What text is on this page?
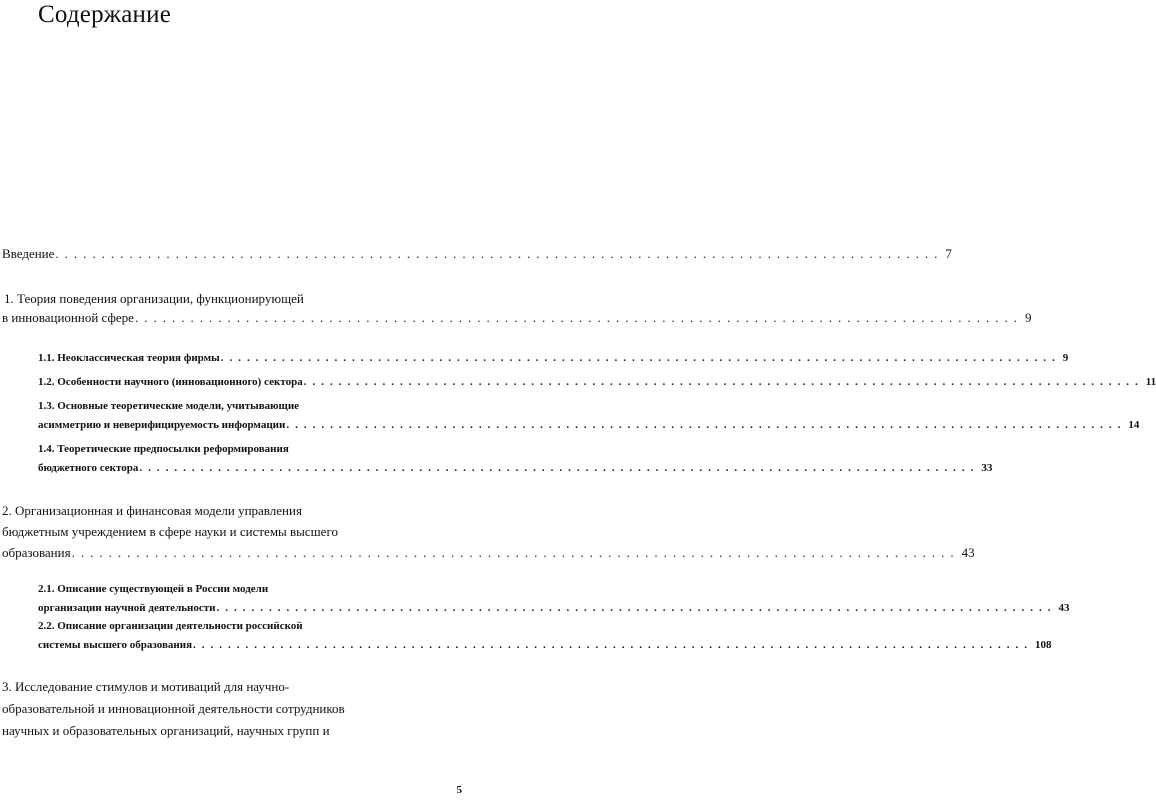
Содержание
Введение ................................................................................................ 7
1. Теория поведения организации, функционирующей
в инновационной сфере ................................................................................................ 9
1.1. Неоклассическая теория фирмы ................................................................................................ 9
1.2. Особенности научного (инновационного) сектора ................................................................................................ 11
1.3. Основные теоретические модели, учитывающие
асимметрию и неверифицируемость информации ................................................................................................ 14
1.4. Теоретические предпосылки реформирования
бюджетного сектора ................................................................................................ 33
2. Организационная и финансовая модели управления
бюджетным учреждением в сфере науки и системы высшего
образования ................................................................................................ 43
2.1. Описание существующей в России модели
организации научной деятельности ................................................................................................ 43
2.2. Описание организации деятельности российской
системы высшего образования ................................................................................................ 108
3. Исследование стимулов и мотиваций для научно-
образовательной и инновационной деятельности сотрудников
научных и образовательных организаций, научных групп и
5
